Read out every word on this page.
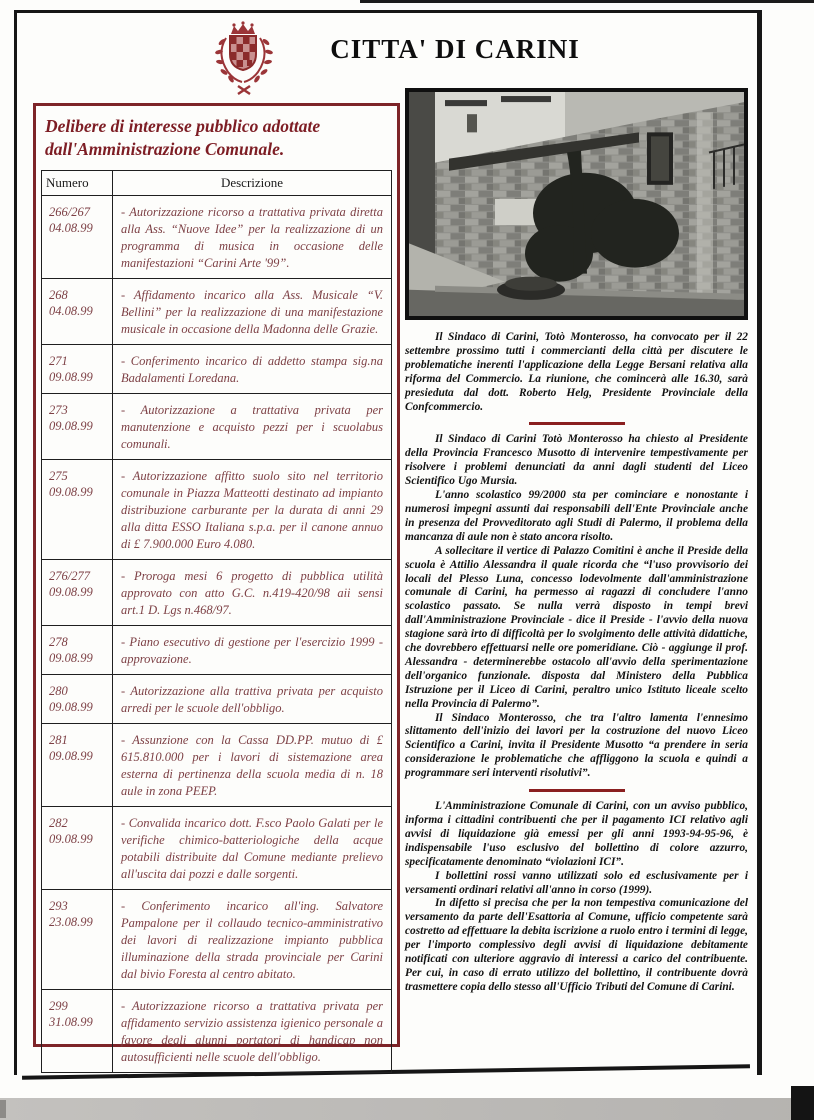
CITTA' DI CARINI
Delibere di interesse pubblico adottate dall'Amministrazione Comunale.
Numero	Descrizione

266/267
04.08.99	- Autorizzazione ricorso a trattativa privata diretta alla Ass. “Nuove Idee” per la realizzazione di un programma di musica in occasione delle manifestazioni “Carini Arte '99”.

268
04.08.99	- Affidamento incarico alla Ass. Musicale “V. Bellini” per la realizzazione di una manifestazione musicale in occasione della Madonna delle Grazie.

271
09.08.99	- Conferimento incarico di addetto stampa sig.na Badalamenti Loredana.

273
09.08.99	- Autorizzazione a trattativa privata per manutenzione e acquisto pezzi per i scuolabus comunali.

275
09.08.99	- Autorizzazione affitto suolo sito nel territorio comunale in Piazza Matteotti destinato ad impianto distribuzione carburante per la durata di anni 29 alla ditta ESSO Italiana s.p.a. per il canone annuo di £ 7.900.000 Euro 4.080.

276/277
09.08.99	- Proroga mesi 6 progetto di pubblica utilità approvato con atto G.C. n.419-420/98 aii sensi art.1 D. Lgs n.468/97.

278
09.08.99	- Piano esecutivo di gestione per l'esercizio 1999 - approvazione.

280
09.08.99	- Autorizzazione alla trattiva privata per acquisto arredi per le scuole dell'obbligo.

281
09.08.99	- Assunzione con la Cassa DD.PP. mutuo di £ 615.810.000 per i lavori di sistemazione area esterna di pertinenza della scuola media di n. 18 aule in zona PEEP.

282
09.08.99	- Convalida incarico dott. F.sco Paolo Galati per le verifiche chimico-batteriologiche della acque potabili distribuite dal Comune mediante prelievo all'uscita dai pozzi e dalle sorgenti.

293
23.08.99	- Conferimento incarico all'ing. Salvatore Pampalone per il collaudo tecnico-amministrativo dei lavori di realizzazione impianto pubblica illuminazione della strada provinciale per Carini dal bivio Foresta al centro abitato.

299
31.08.99	- Autorizzazione ricorso a trattativa privata per affidamento servizio assistenza igienico personale a favore degli alunni portatori di handicap non autosufficienti nelle scuole dell'obbligo.

Il Sindaco di Carini, Totò Monterosso, ha convocato per il 22 settembre prossimo tutti i commercianti della città per discutere le problematiche inerenti l'applicazione della Legge Bersani relativa alla riforma del Commercio. La riunione, che comincerà alle 16.30, sarà presieduta dal dott. Roberto Helg, Presidente Provinciale della Confcommercio.

Il Sindaco di Carini Totò Monterosso ha chiesto al Presidente della Provincia Francesco Musotto di intervenire tempestivamente per risolvere i problemi denunciati da anni dagli studenti del Liceo Scientifico Ugo Mursia.

L'anno scolastico 99/2000 sta per cominciare e nonostante i numerosi impegni assunti dai responsabili dell'Ente Provinciale anche in presenza del Provveditorato agli Studi di Palermo, il problema della mancanza di aule non è stato ancora risolto.

A sollecitare il vertice di Palazzo Comitini è anche il Preside della scuola è Attilio Alessandra il quale ricorda che “l'uso provvisorio dei locali del Plesso Luna, concesso lodevolmente dall'amministrazione comunale di Carini, ha permesso ai ragazzi di concludere l'anno scolastico passato. Se nulla verrà disposto in tempi brevi dall'Amministrazione Provinciale - dice il Preside - l'avvio della nuova stagione sarà irto di difficoltà per lo svolgimento delle attività didattiche, che dovrebbero effettuarsi nelle ore pomeridiane. Ciò - aggiunge il prof. Alessandra - determinerebbe ostacolo all'avvio della sperimentazione dell'organico funzionale. disposta dal Ministero della Pubblica Istruzione per il Liceo di Carini, peraltro unico Istituto liceale scelto nella Provincia di Palermo”.

Il Sindaco Monterosso, che tra l'altro lamenta l'ennesimo slittamento dell'inizio dei lavori per la costruzione del nuovo Liceo Scientifico a Carini, invita il Presidente Musotto “a prendere in seria considerazione le problematiche che affliggono la scuola e quindi a programmare seri interventi risolutivi”.

L'Amministrazione Comunale di Carini, con un avviso pubblico, informa i cittadini contribuenti che per il pagamento ICI relativo agli avvisi di liquidazione già emessi per gli anni 1993-94-95-96, è indispensabile l'uso esclusivo del bollettino di colore azzurro, specificatamente denominato “violazioni ICI”.

I bollettini rossi vanno utilizzati solo ed esclusivamente per i versamenti ordinari relativi all'anno in corso (1999).

In difetto si precisa che per la non tempestiva comunicazione del versamento da parte dell'Esattoria al Comune, ufficio competente sarà costretto ad effettuare la debita iscrizione a ruolo entro i termini di legge, per l'importo complessivo degli avvisi di liquidazione debitamente notificati con ulteriore aggravio di interessi a carico del contribuente. Per cui, in caso di errato utilizzo del bollettino, il contribuente dovrà trasmettere copia dello stesso all'Ufficio Tributi del Comune di Carini.
